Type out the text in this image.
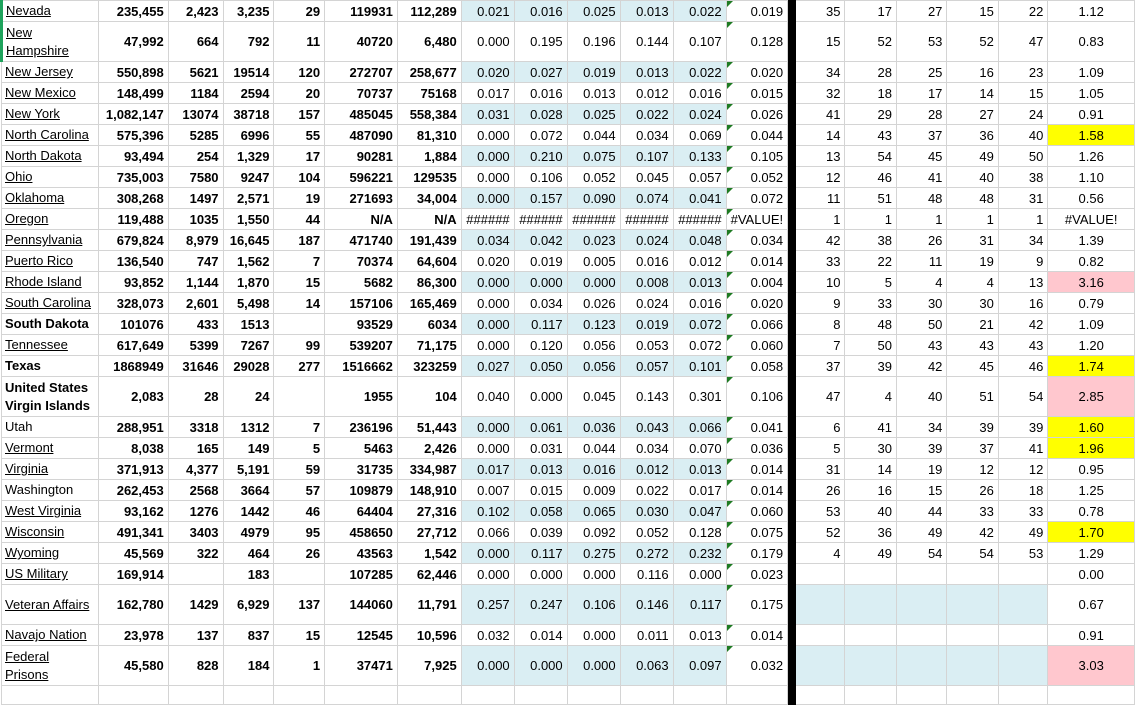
Nevada	235,455	2,423	3,235	29	119931	112,289	0.021	0.016	0.025	0.013	0.022	0.019		35	17	27	15	22	1.12
New Hampshire	47,992	664	792	11	40720	6,480	0.000	0.195	0.196	0.144	0.107	0.128		15	52	53	52	47	0.83
New Jersey	550,898	5621	19514	120	272707	258,677	0.020	0.027	0.019	0.013	0.022	0.020		34	28	25	16	23	1.09
New Mexico	148,499	1184	2594	20	70737	75168	0.017	0.016	0.013	0.012	0.016	0.015		32	18	17	14	15	1.05
New York	1,082,147	13074	38718	157	485045	558,384	0.031	0.028	0.025	0.022	0.024	0.026		41	29	28	27	24	0.91
North Carolina	575,396	5285	6996	55	487090	81,310	0.000	0.072	0.044	0.034	0.069	0.044		14	43	37	36	40	1.58
North Dakota	93,494	254	1,329	17	90281	1,884	0.000	0.210	0.075	0.107	0.133	0.105		13	54	45	49	50	1.26
Ohio	735,003	7580	9247	104	596221	129535	0.000	0.106	0.052	0.045	0.057	0.052		12	46	41	40	38	1.10
Oklahoma	308,268	1497	2,571	19	271693	34,004	0.000	0.157	0.090	0.074	0.041	0.072		11	51	48	48	31	0.56
Oregon	119,488	1035	1,550	44	N/A	N/A	######	######	######	######	######	#VALUE!		1	1	1	1	1	#VALUE!
Pennsylvania	679,824	8,979	16,645	187	471740	191,439	0.034	0.042	0.023	0.024	0.048	0.034		42	38	26	31	34	1.39
Puerto Rico	136,540	747	1,562	7	70374	64,604	0.020	0.019	0.005	0.016	0.012	0.014		33	22	11	19	9	0.82
Rhode Island	93,852	1,144	1,870	15	5682	86,300	0.000	0.000	0.000	0.008	0.013	0.004		10	5	4	4	13	3.16
South Carolina	328,073	2,601	5,498	14	157106	165,469	0.000	0.034	0.026	0.024	0.016	0.020		9	33	30	30	16	0.79
South Dakota	101076	433	1513		93529	6034	0.000	0.117	0.123	0.019	0.072	0.066		8	48	50	21	42	1.09
Tennessee	617,649	5399	7267	99	539207	71,175	0.000	0.120	0.056	0.053	0.072	0.060		7	50	43	43	43	1.20
Texas	1868949	31646	29028	277	1516662	323259	0.027	0.050	0.056	0.057	0.101	0.058		37	39	42	45	46	1.74
United States Virgin Islands	2,083	28	24		1955	104	0.040	0.000	0.045	0.143	0.301	0.106		47	4	40	51	54	2.85
Utah	288,951	3318	1312	7	236196	51,443	0.000	0.061	0.036	0.043	0.066	0.041		6	41	34	39	39	1.60
Vermont	8,038	165	149	5	5463	2,426	0.000	0.031	0.044	0.034	0.070	0.036		5	30	39	37	41	1.96
Virginia	371,913	4,377	5,191	59	31735	334,987	0.017	0.013	0.016	0.012	0.013	0.014		31	14	19	12	12	0.95
Washington	262,453	2568	3664	57	109879	148,910	0.007	0.015	0.009	0.022	0.017	0.014		26	16	15	26	18	1.25
West Virginia	93,162	1276	1442	46	64404	27,316	0.102	0.058	0.065	0.030	0.047	0.060		53	40	44	33	33	0.78
Wisconsin	491,341	3403	4979	95	458650	27,712	0.066	0.039	0.092	0.052	0.128	0.075		52	36	49	42	49	1.70
Wyoming	45,569	322	464	26	43563	1,542	0.000	0.117	0.275	0.272	0.232	0.179		4	49	54	54	53	1.29
US Military	169,914		183		107285	62,446	0.000	0.000	0.000	0.116	0.000	0.023							0.00
Veteran Affairs	162,780	1429	6,929	137	144060	11,791	0.257	0.247	0.106	0.146	0.117	0.175							0.67
Navajo Nation	23,978	137	837	15	12545	10,596	0.032	0.014	0.000	0.011	0.013	0.014							0.91
Federal Prisons	45,580	828	184	1	37471	7,925	0.000	0.000	0.000	0.063	0.097	0.032							3.03
